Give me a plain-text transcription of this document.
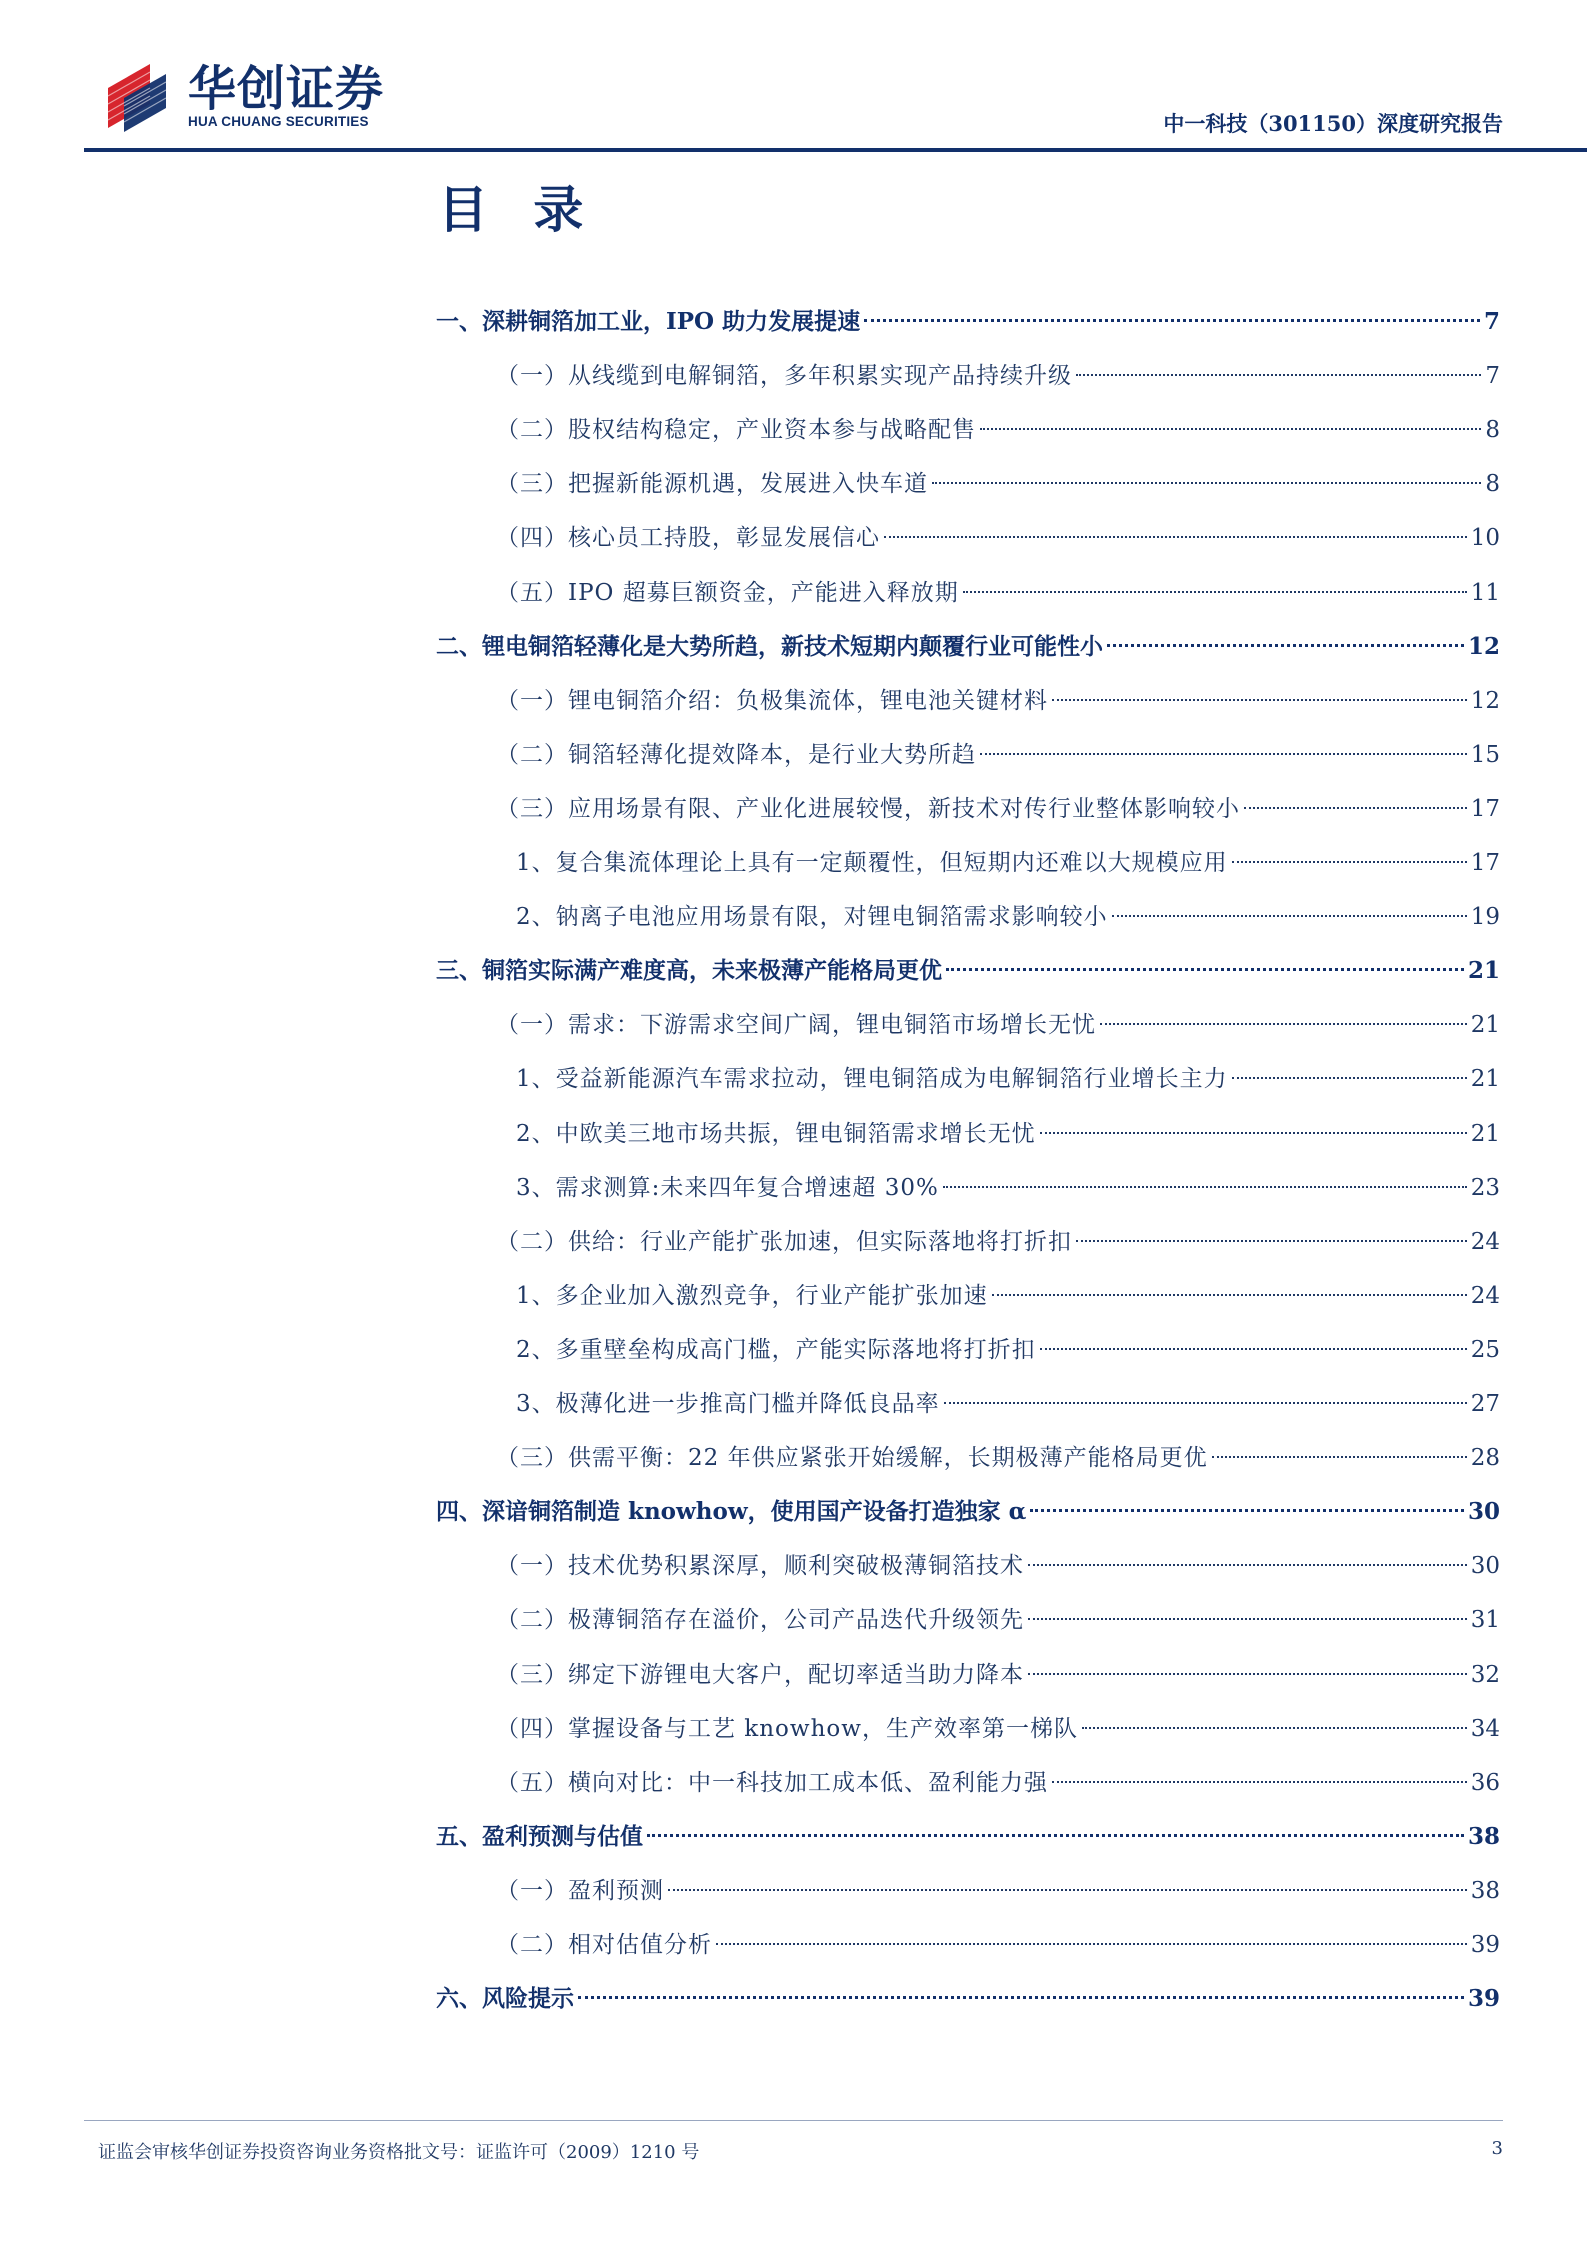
华创证券
HUA CHUANG SECURITIES	中一科技（301150）深度研究报告
目 录
一、深耕铜箔加工业，IPO 助力发展提速	7
（一）从线缆到电解铜箔，多年积累实现产品持续升级	7
（二）股权结构稳定，产业资本参与战略配售	8
（三）把握新能源机遇，发展进入快车道	8
（四）核心员工持股，彰显发展信心	10
（五）IPO 超募巨额资金，产能进入释放期	11
二、锂电铜箔轻薄化是大势所趋，新技术短期内颠覆行业可能性小	12
（一）锂电铜箔介绍：负极集流体，锂电池关键材料	12
（二）铜箔轻薄化提效降本，是行业大势所趋	15
（三）应用场景有限、产业化进展较慢，新技术对传行业整体影响较小	17
1、复合集流体理论上具有一定颠覆性，但短期内还难以大规模应用	17
2、钠离子电池应用场景有限，对锂电铜箔需求影响较小	19
三、铜箔实际满产难度高，未来极薄产能格局更优	21
（一）需求：下游需求空间广阔，锂电铜箔市场增长无忧	21
1、受益新能源汽车需求拉动，锂电铜箔成为电解铜箔行业增长主力	21
2、中欧美三地市场共振，锂电铜箔需求增长无忧	21
3、需求测算:未来四年复合增速超 30%	23
（二）供给：行业产能扩张加速，但实际落地将打折扣	24
1、多企业加入激烈竞争，行业产能扩张加速	24
2、多重壁垒构成高门槛，产能实际落地将打折扣	25
3、极薄化进一步推高门槛并降低良品率	27
（三）供需平衡：22 年供应紧张开始缓解，长期极薄产能格局更优	28
四、深谙铜箔制造 knowhow，使用国产设备打造独家 α	30
（一）技术优势积累深厚，顺利突破极薄铜箔技术	30
（二）极薄铜箔存在溢价，公司产品迭代升级领先	31
（三）绑定下游锂电大客户，配切率适当助力降本	32
（四）掌握设备与工艺 knowhow，生产效率第一梯队	34
（五）横向对比：中一科技加工成本低、盈利能力强	36
五、盈利预测与估值	38
（一）盈利预测	38
（二）相对估值分析	39
六、风险提示	39
证监会审核华创证券投资咨询业务资格批文号：证监许可（2009）1210 号	3
